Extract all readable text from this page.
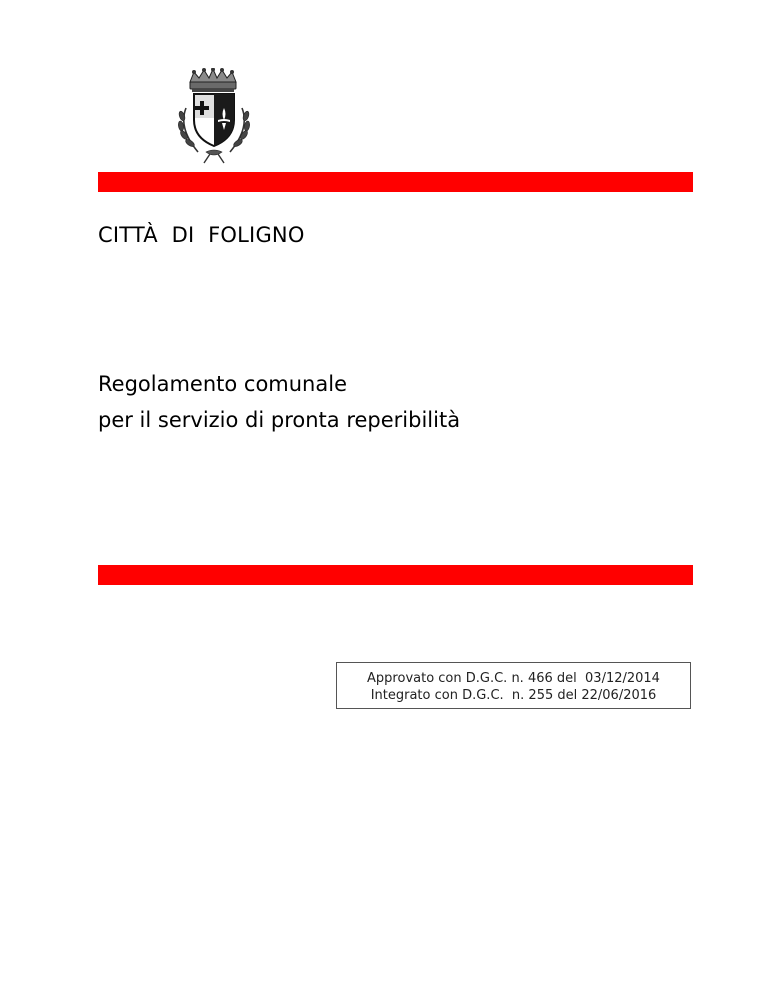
CITTÀ  DI  FOLIGNO
Regolamento comunale
per il servizio di pronta reperibilità
Approvato con D.G.C. n. 466 del  03/12/2014
Integrato con D.G.C.  n. 255 del 22/06/2016
